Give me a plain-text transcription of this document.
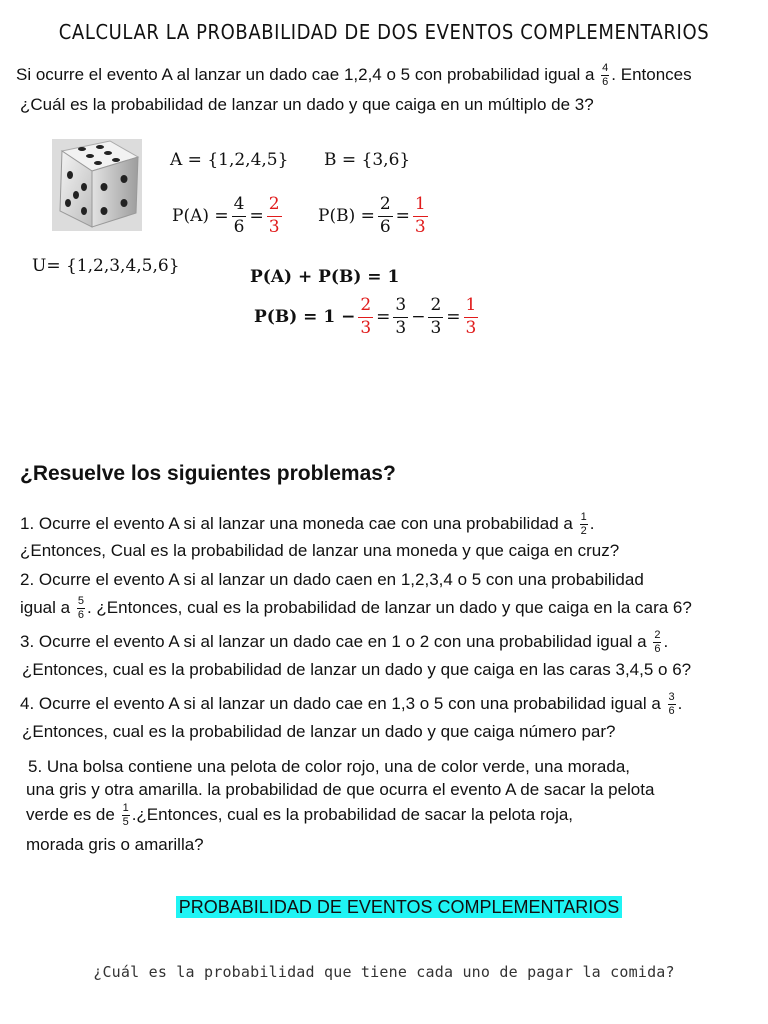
CALCULAR LA PROBABILIDAD DE DOS EVENTOS COMPLEMENTARIOS
Si ocurre el evento A al lanzar un dado cae 1,2,4 o 5 con probabilidad igual a $\frac{4}{6}$ . Entonces
¿Cuál es la probabilidad de lanzar un dado y que caiga en un múltiplo de 3?
A = {1,2,4,5} B = {3,6}
U= {1,2,3,4,5,6}
$P(A) = \frac{4}{6} = \frac{2}{3} P(B) = \frac{2}{6} = \frac{1}{3}$
P(A) + P(B) = 1
$P(B) = 1 - \frac{2}{3} = \frac{3}{3} - \frac{2}{3} = \frac{1}{3}$
¿Resuelve los siguientes problemas?
1. Ocurre el evento A si al lanzar una moneda cae con una probabilidad a $\frac{1}{2}$ .
¿Entonces, Cual es la probabilidad de lanzar una moneda y que caiga en cruz?
2. Ocurre el evento A si al lanzar un dado caen en 1,2,3,4 o 5 con una probabilidad
igual a $\frac{5}{6}$ . ¿Entonces, cual es la probabilidad de lanzar un dado y que caiga en la cara 6?
3. Ocurre el evento A si al lanzar un dado cae en 1 o 2 con una probabilidad igual a $\frac{2}{6}$ .
¿Entonces, cual es la probabilidad de lanzar un dado y que caiga en las caras 3,4,5 o 6?
4. Ocurre el evento A si al lanzar un dado cae en 1,3 o 5 con una probabilidad igual a $\frac{3}{6}$ .
¿Entonces, cual es la probabilidad de lanzar un dado y que caiga número par?
5. Una bolsa contiene una pelota de color rojo, una de color verde, una morada,
una gris y otra amarilla. la probabilidad de que ocurra el evento A de sacar la pelota
verde es de $\frac{1}{5}$ .¿Entonces, cual es la probabilidad de sacar la pelota roja,
morada gris o amarilla?
PROBABILIDAD DE EVENTOS COMPLEMENTARIOS
¿Cuál es la probabilidad que tiene cada uno de pagar la comida?
